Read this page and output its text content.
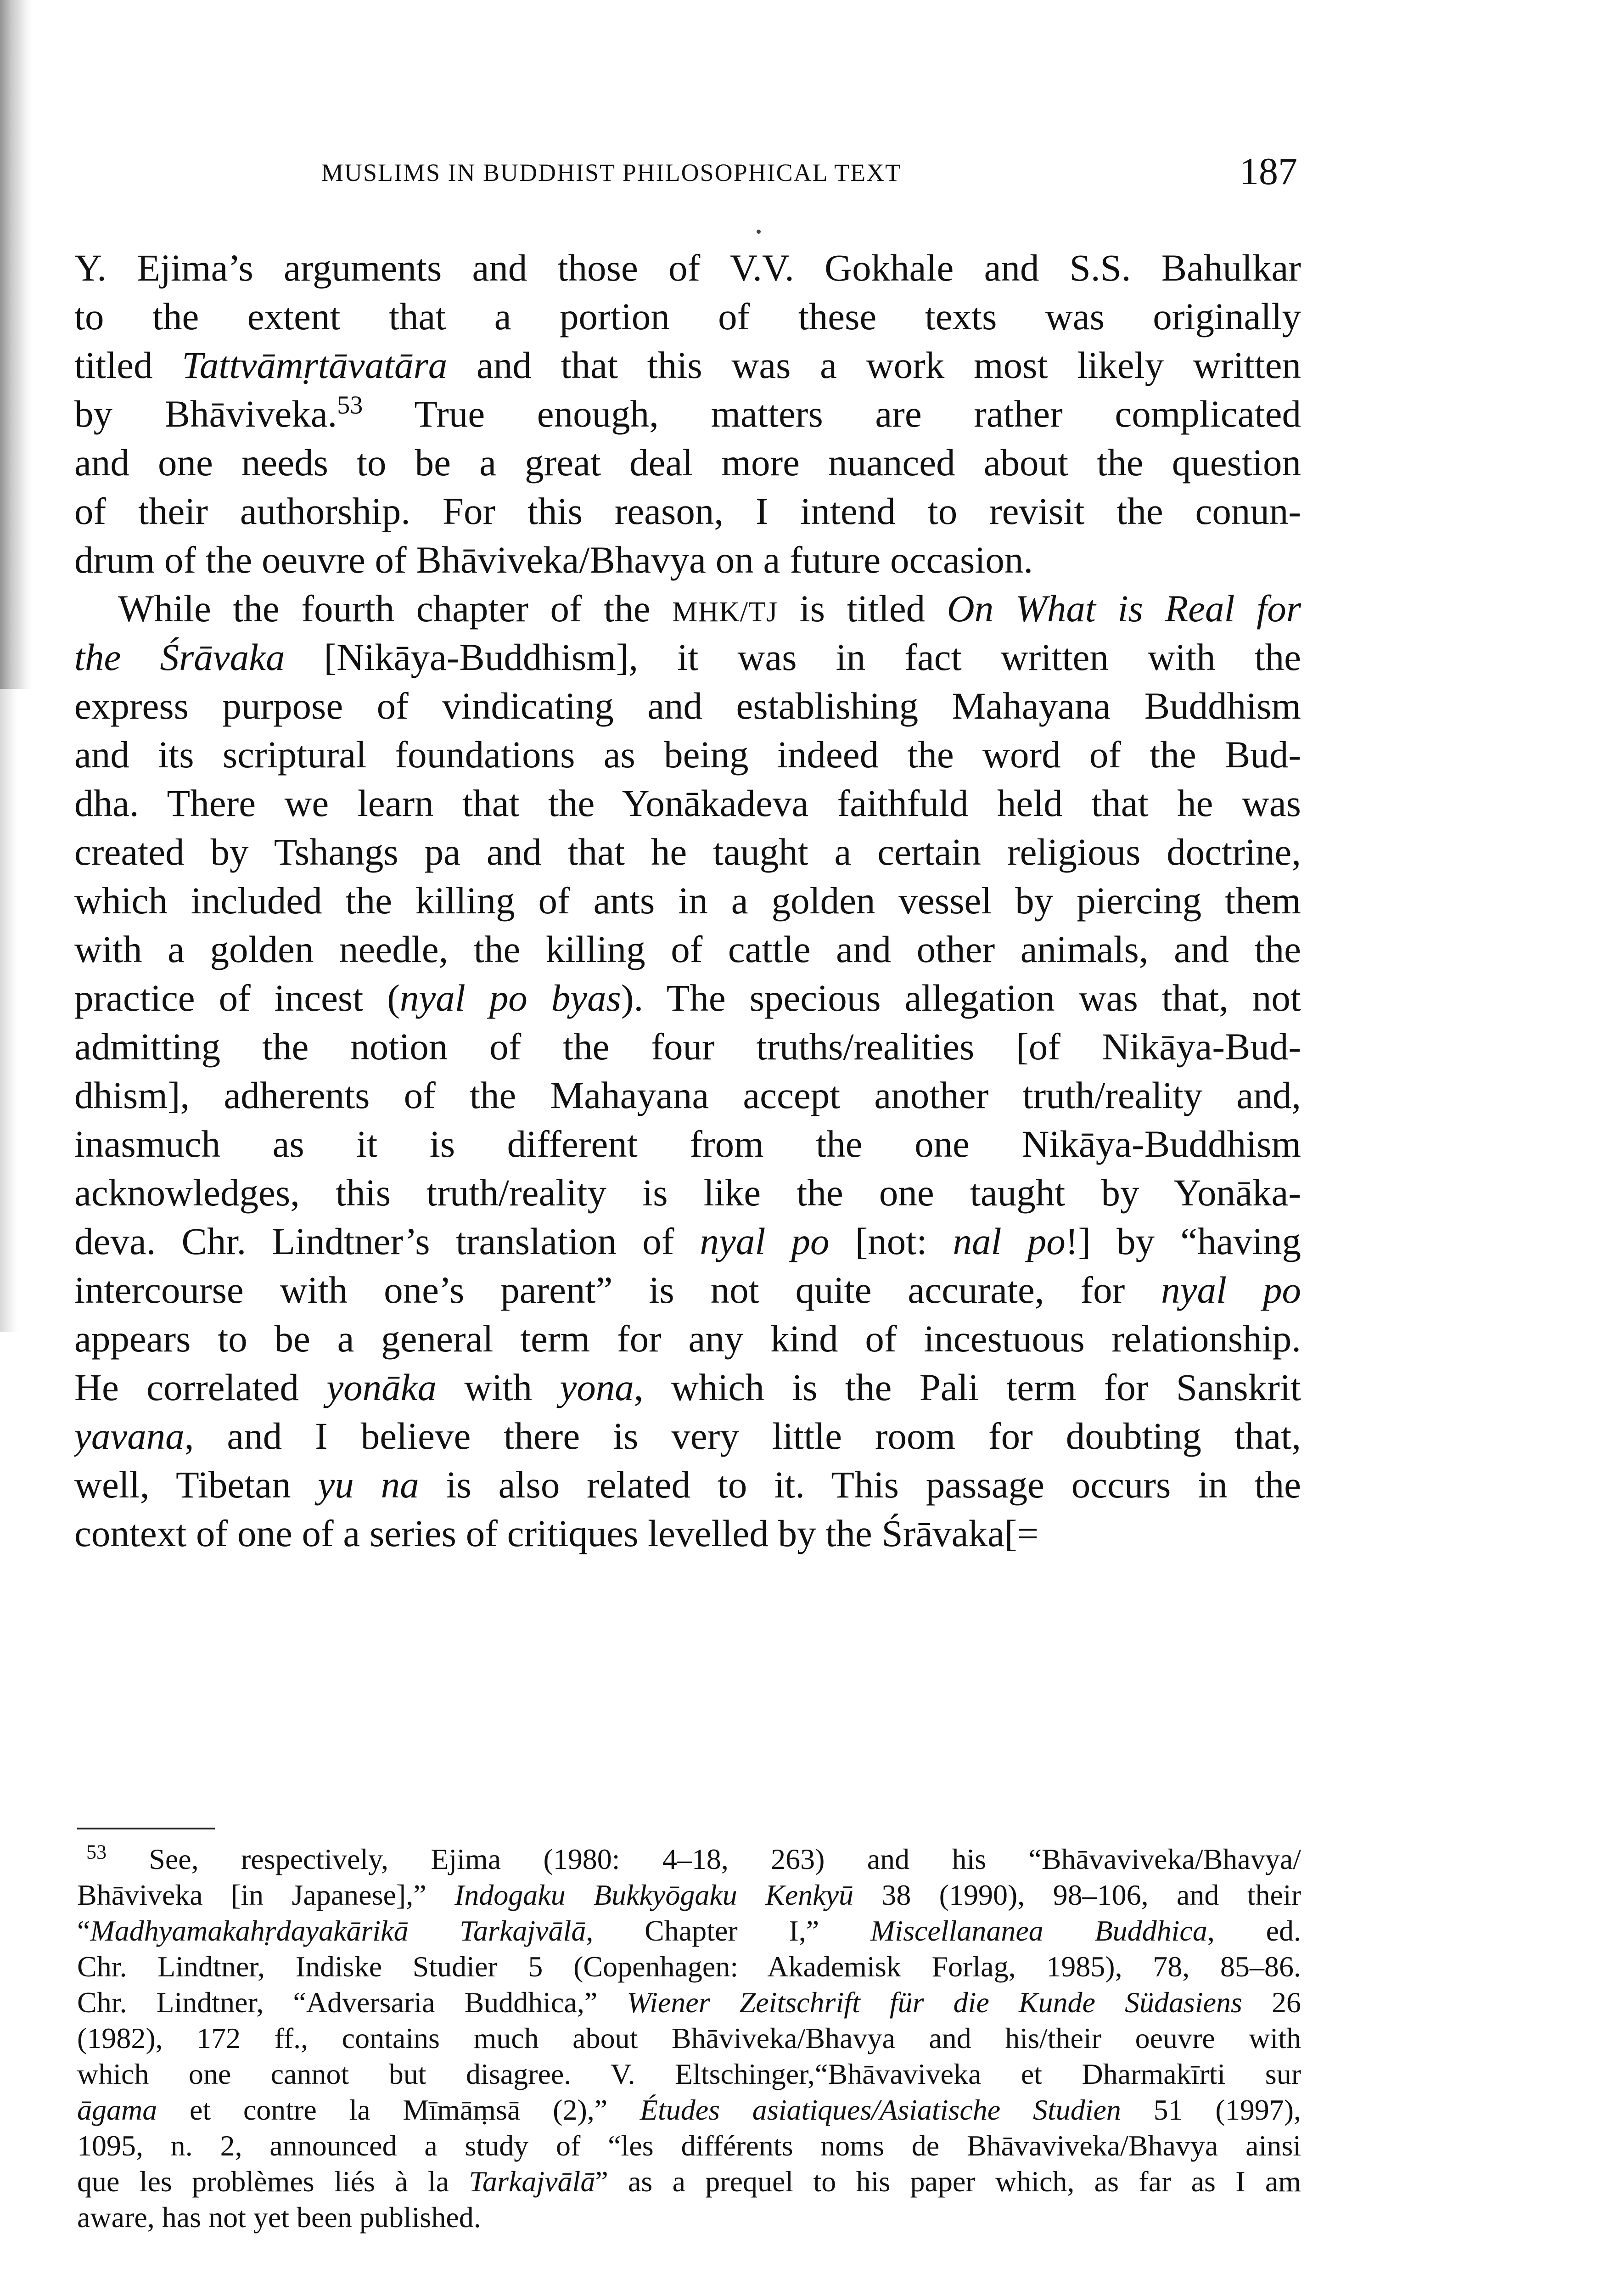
MUSLIMS IN BUDDHIST PHILOSOPHICAL TEXT	187
Y. Ejima’s arguments and those of V.V. Gokhale and S.S. Bahulkar
to the extent that a portion of these texts was originally
titled Tattvāmṛtāvatāra and that this was a work most likely written
by Bhāviveka.$^{53}$ True enough, matters are rather complicated
and one needs to be a great deal more nuanced about the question
of their authorship. For this reason, I intend to revisit the conun-
drum of the oeuvre of Bhāviveka/Bhavya on a future occasion.
While the fourth chapter of the MHK/TJ is titled On What is Real for
the Śrāvaka [Nikāya-Buddhism], it was in fact written with the
express purpose of vindicating and establishing Mahayana Buddhism
and its scriptural foundations as being indeed the word of the Bud-
dha. There we learn that the Yonākadeva faithfuld held that he was
created by Tshangs pa and that he taught a certain religious doctrine,
which included the killing of ants in a golden vessel by piercing them
with a golden needle, the killing of cattle and other animals, and the
practice of incest (nyal po byas). The specious allegation was that, not
admitting the notion of the four truths/realities [of Nikāya-Bud-
dhism], adherents of the Mahayana accept another truth/reality and,
inasmuch as it is different from the one Nikāya-Buddhism
acknowledges, this truth/reality is like the one taught by Yonāka-
deva. Chr. Lindtner’s translation of nyal po [not: nal po!] by “having
intercourse with one’s parent” is not quite accurate, for nyal po
appears to be a general term for any kind of incestuous relationship.
He correlated yonāka with yona, which is the Pali term for Sanskrit
yavana, and I believe there is very little room for doubting that,
well, Tibetan yu na is also related to it. This passage occurs in the
context of one of a series of critiques levelled by the Śrāvaka[=
$^{53}$ See, respectively, Ejima (1980: 4–18, 263) and his “Bhāvaviveka/Bhavya/
Bhāviveka [in Japanese],” Indogaku Bukkyōgaku Kenkyū 38 (1990), 98–106, and their
“Madhyamakahṛdayakārikā Tarkajvālā, Chapter I,” Miscellananea Buddhica, ed.
Chr. Lindtner, Indiske Studier 5 (Copenhagen: Akademisk Forlag, 1985), 78, 85–86.
Chr. Lindtner, “Adversaria Buddhica,” Wiener Zeitschrift für die Kunde Südasiens 26
(1982), 172 ff., contains much about Bhāviveka/Bhavya and his/their oeuvre with
which one cannot but disagree. V. Eltschinger,“Bhāvaviveka et Dharmakīrti sur
āgama et contre la Mīmāṃsā (2),” Études asiatiques/Asiatische Studien 51 (1997),
1095, n. 2, announced a study of “les différents noms de Bhāvaviveka/Bhavya ainsi
que les problèmes liés à la Tarkajvālā” as a prequel to his paper which, as far as I am
aware, has not yet been published.
